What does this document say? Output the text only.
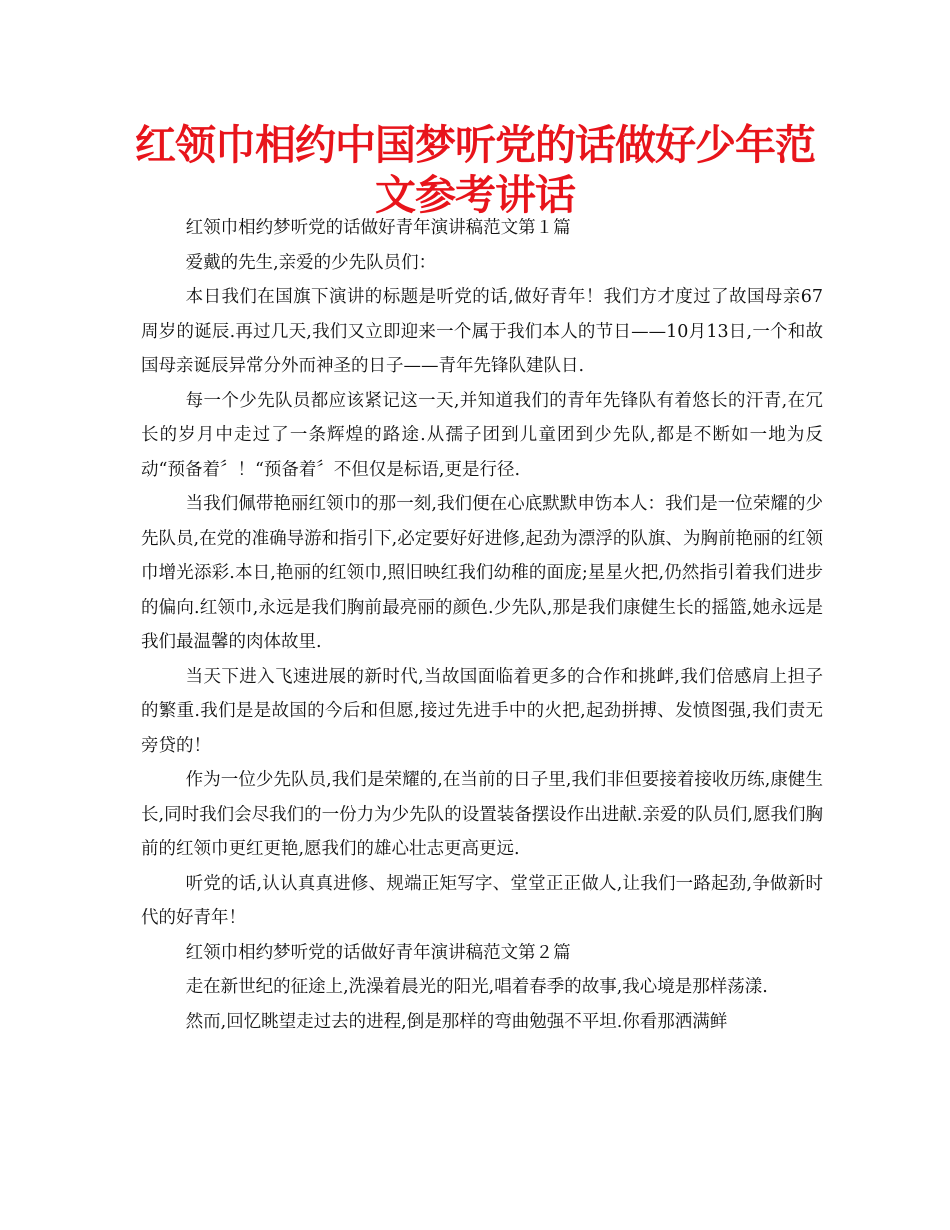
红领巾相约中国梦听党的话做好少年范文参考讲话

红领巾相约梦听党的话做好青年演讲稿范文第１篇

爱戴的先生,亲爱的少先队员们：

本日我们在国旗下演讲的标题是听党的话,做好青年！我们方才度过了故国母亲67周岁的诞辰.再过几天,我们又立即迎来一个属于我们本人的节日——10月13日,一个和故国母亲诞辰异常分外而神圣的日子——青年先锋队建队日.

每一个少先队员都应该紧记这一天,并知道我们的青年先锋队有着悠长的汗青,在冗长的岁月中走过了一条辉煌的路途.从孺子团到儿童团到少先队,都是不断如一地为反动“预备着〞！“预备着〞不但仅是标语,更是行径.

当我们佩带艳丽红领巾的那一刻,我们便在心底默默申饬本人：我们是一位荣耀的少先队员,在党的准确导游和指引下,必定要好好进修,起劲为漂浮的队旗、为胸前艳丽的红领巾增光添彩.本日,艳丽的红领巾,照旧映红我们幼稚的面庞;星星火把,仍然指引着我们进步的偏向.红领巾,永远是我们胸前最亮丽的颜色.少先队,那是我们康健生长的摇篮,她永远是我们最温馨的肉体故里.

当天下进入飞速进展的新时代,当故国面临着更多的合作和挑衅,我们倍感肩上担子的繁重.我们是是故国的今后和但愿,接过先进手中的火把,起劲拼搏、发愤图强,我们责无旁贷的！

作为一位少先队员,我们是荣耀的,在当前的日子里,我们非但要接着接收历练,康健生长,同时我们会尽我们的一份力为少先队的设置装备摆设作出进献.亲爱的队员们,愿我们胸前的红领巾更红更艳,愿我们的雄心壮志更高更远.

听党的话,认认真真进修、规端正矩写字、堂堂正正做人,让我们一路起劲,争做新时代的好青年！

红领巾相约梦听党的话做好青年演讲稿范文第２篇

走在新世纪的征途上,洗澡着晨光的阳光,唱着春季的故事,我心境是那样荡漾.

然而,回忆眺望走过去的进程,倒是那样的弯曲勉强不平坦.你看那洒满鲜
